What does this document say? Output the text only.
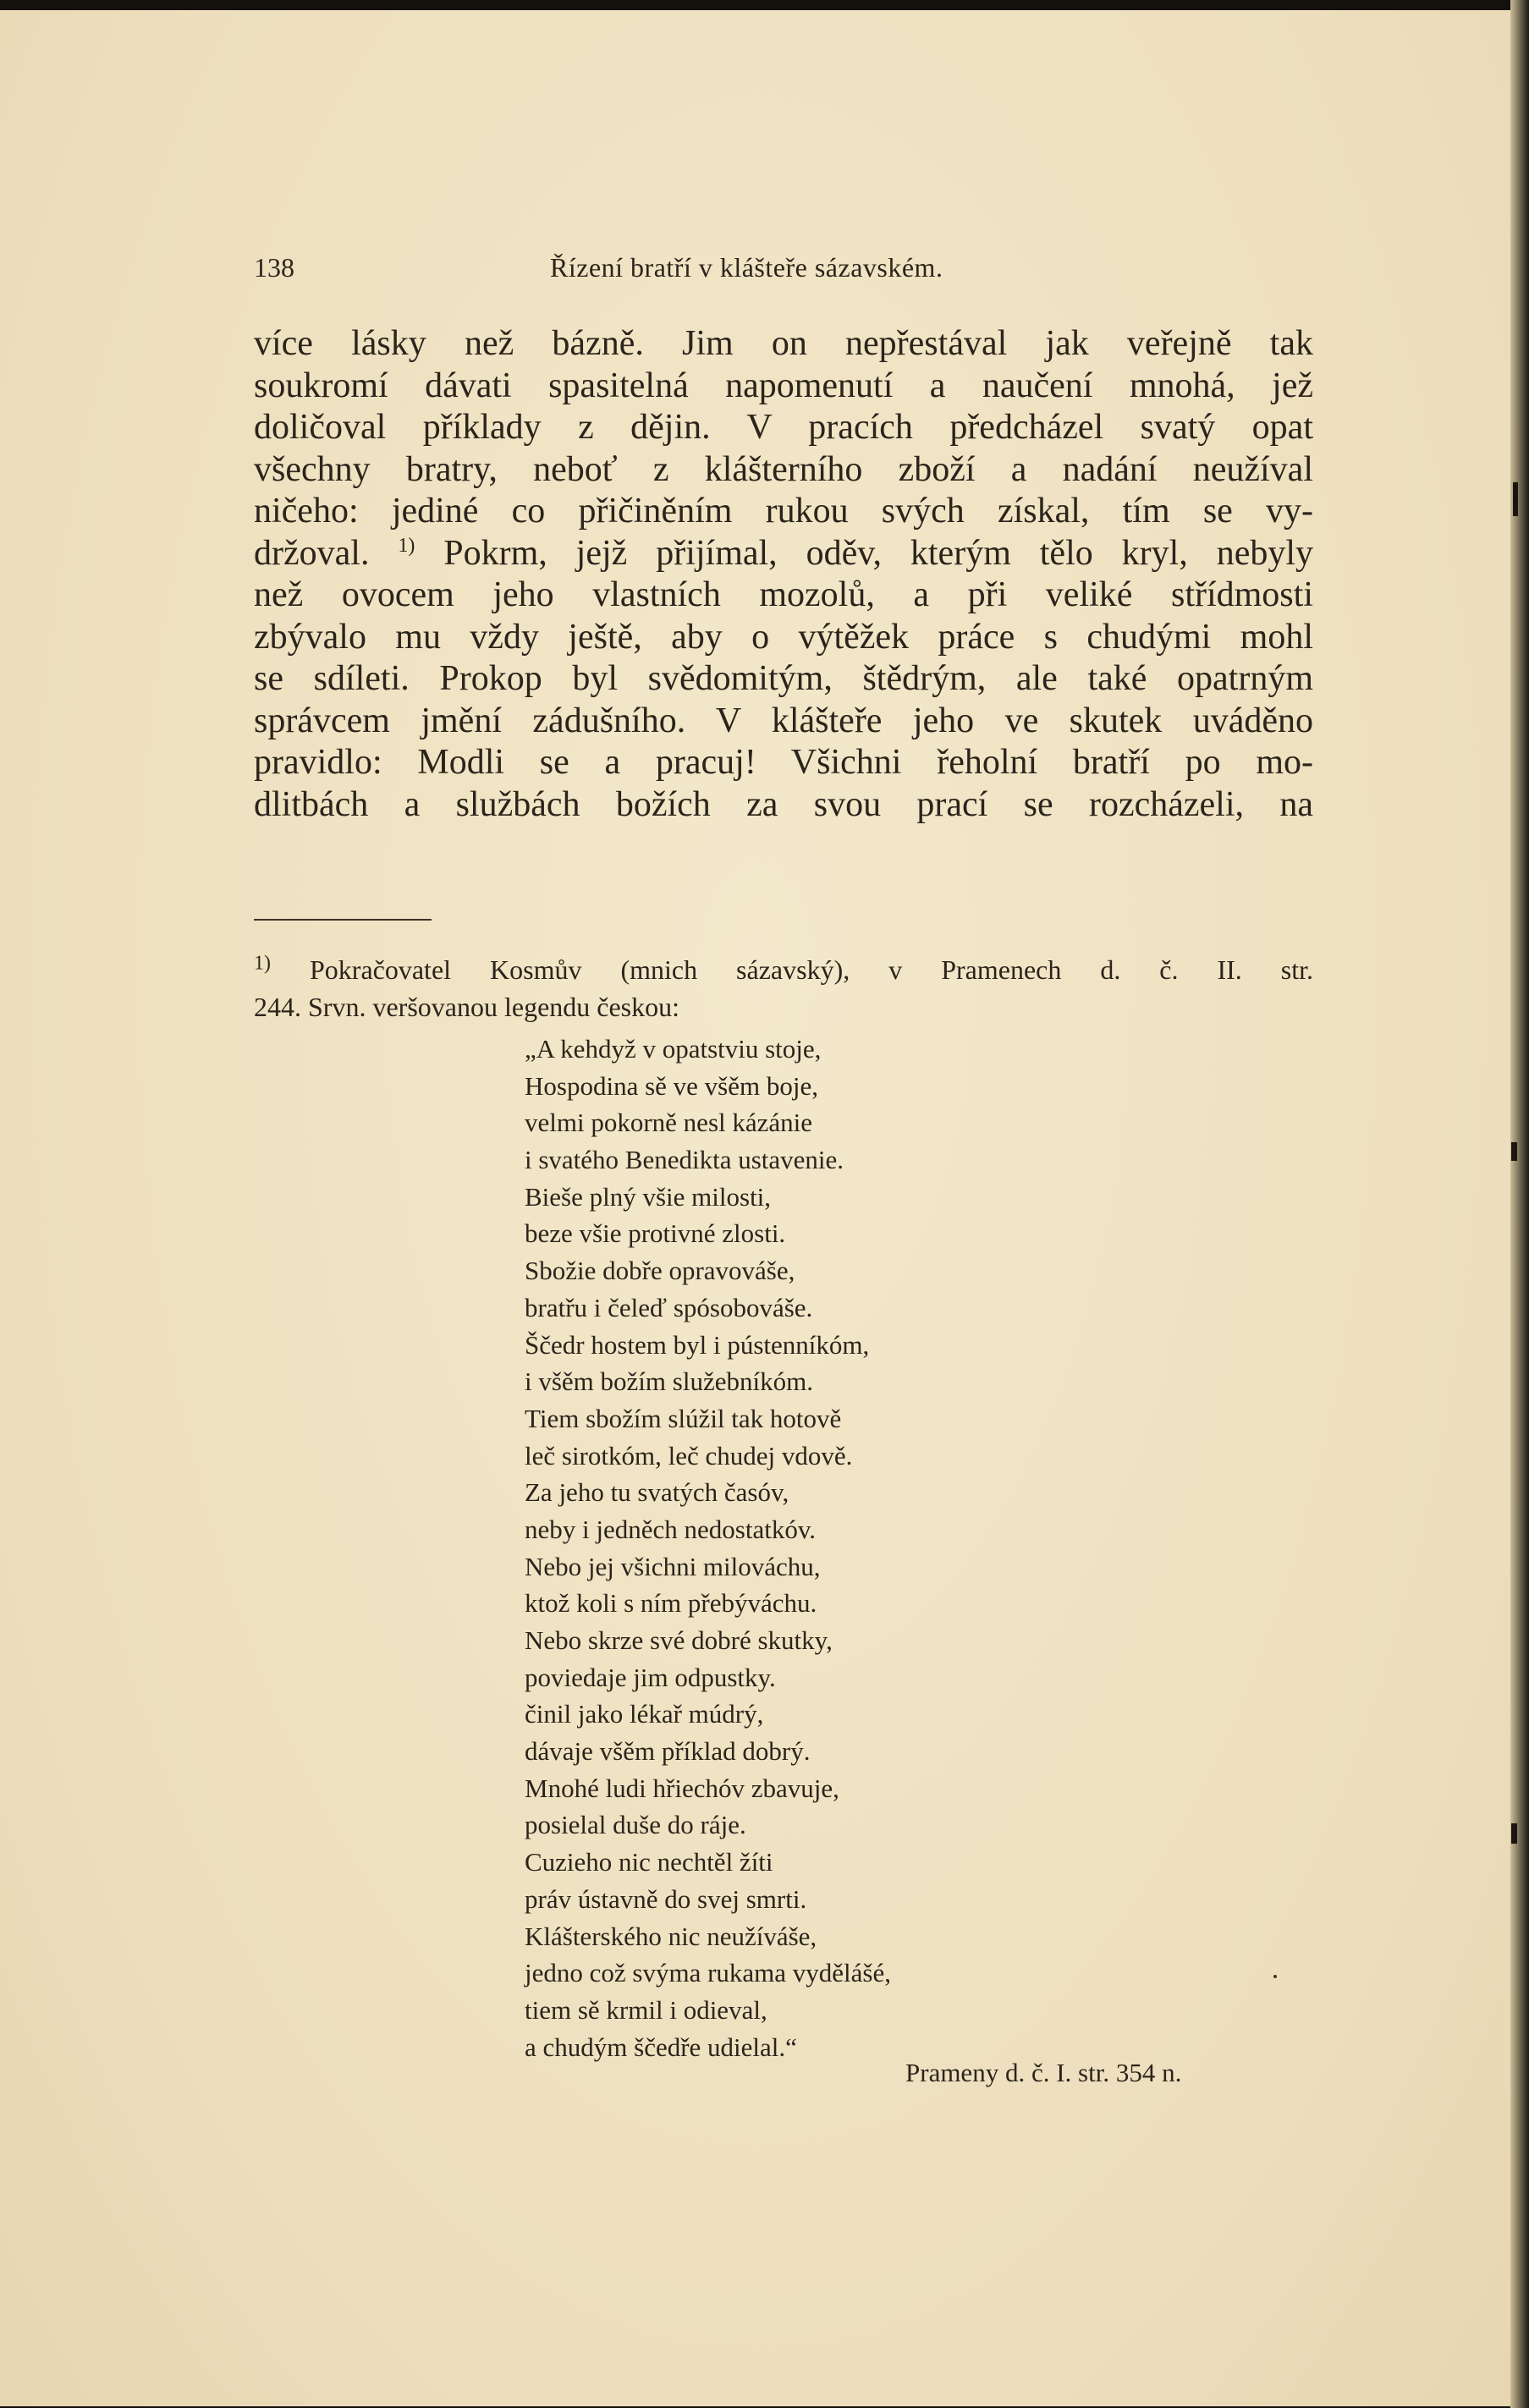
138	Řízení bratří v klášteře sázavském.
více lásky než bázně. Jim on nepřestával jak veřejně tak
soukromí dávati spasitelná napomenutí a naučení mnohá, jež
doličoval příklady z dějin. V pracích předcházel svatý opat
všechny bratry, neboť z klášterního zboží a nadání neužíval
ničeho: jediné co přičiněním rukou svých získal, tím se vy-
držoval. $^{1)}$ Pokrm, jejž přijímal, oděv, kterým tělo kryl, nebyly
než ovocem jeho vlastních mozolů, a při veliké střídmosti
zbývalo mu vždy ještě, aby o výtěžek práce s chudými mohl
se sdíleti. Prokop byl svědomitým, štědrým, ale také opatrným
správcem jmění zádušního. V klášteře jeho ve skutek uváděno
pravidlo: Modli se a pracuj! Všichni řeholní bratří po mo-
dlitbách a službách božích za svou prací se rozcházeli, na
$^{1)}$ Pokračovatel Kosmův (mnich sázavský), v Pramenech d. č. II. str.
244. Srvn. veršovanou legendu českou:
„A kehdyž v opatstviu stoje,
Hospodina sě ve všěm boje,
velmi pokorně nesl kázánie
i svatého Benedikta ustavenie.
Bieše plný všie milosti,
beze všie protivné zlosti.
Sbožie dobře opravováše,
bratřu i čeleď spósobováše.
Ščedr hostem byl i pústenníkóm,
i všěm božím služebníkóm.
Tiem sbožím slúžil tak hotově
leč sirotkóm, leč chudej vdově.
Za jeho tu svatých časóv,
neby i jedněch nedostatkóv.
Nebo jej všichni milováchu,
ktož koli s ním přebýváchu.
Nebo skrze své dobré skutky,
poviedaje jim odpustky.
činil jako lékař múdrý,
dávaje všěm příklad dobrý.
Mnohé ludi hřiechóv zbavuje,
posielal duše do ráje.
Cuzieho nic nechtěl žíti
práv ústavně do svej smrti.
Klášterského nic neužíváše,
jedno což svýma rukama vydělášé,
tiem sě krmil i odieval,
a chudým ščedře udielal.“
Prameny d. č. I. str. 354 n.
